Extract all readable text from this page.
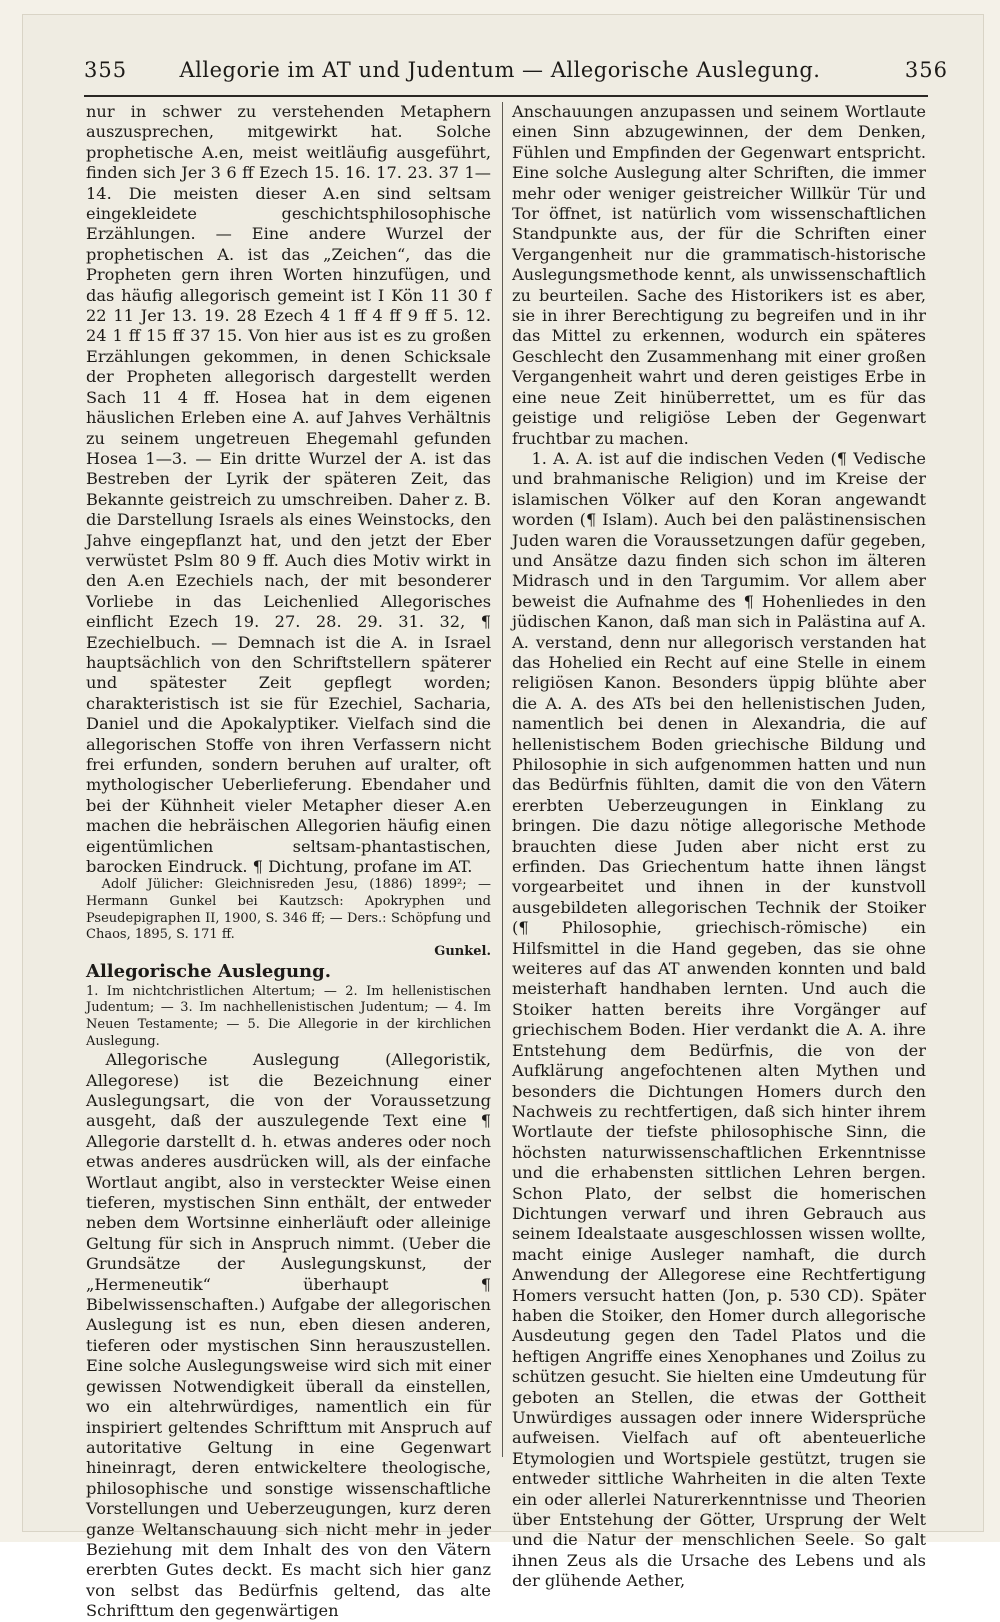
355	Allegorie im AT und Judentum — Allegorische Auslegung.	356

nur in schwer zu verstehenden Metaphern auszusprechen, mitgewirkt hat. Solche prophetische A.en, meist weitläufig ausgeführt, finden sich Jer 3 6 ff Ezech 15. 16. 17. 23. 37 1—14. Die meisten dieser A.en sind seltsam eingekleidete geschichtsphilosophische Erzählungen. — Eine andere Wurzel der prophetischen A. ist das „Zeichen“, das die Propheten gern ihren Worten hinzufügen, und das häufig allegorisch gemeint ist I Kön 11 30 f 22 11 Jer 13. 19. 28 Ezech 4 1 ff 4 ff 9 ff 5. 12. 24 1 ff 15 ff 37 15. Von hier aus ist es zu großen Erzählungen gekommen, in denen Schicksale der Propheten allegorisch dargestellt werden Sach 11 4 ff. Hosea hat in dem eigenen häuslichen Erleben eine A. auf Jahves Verhältnis zu seinem ungetreuen Ehegemahl gefunden Hosea 1—3. — Ein dritte Wurzel der A. ist das Bestreben der Lyrik der späteren Zeit, das Bekannte geistreich zu umschreiben. Daher z. B. die Darstellung Israels als eines Weinstocks, den Jahve eingepflanzt hat, und den jetzt der Eber verwüstet Pslm 80 9 ff. Auch dies Motiv wirkt in den A.en Ezechiels nach, der mit besonderer Vorliebe in das Leichenlied Allegorisches einflicht Ezech 19. 27. 28. 29. 31. 32, ¶ Ezechielbuch. — Demnach ist die A. in Israel hauptsächlich von den Schriftstellern späterer und spätester Zeit gepflegt worden; charakteristisch ist sie für Ezechiel, Sacharia, Daniel und die Apokalyptiker. Vielfach sind die allegorischen Stoffe von ihren Verfassern nicht frei erfunden, sondern beruhen auf uralter, oft mythologischer Ueberlieferung. Ebendaher und bei der Kühnheit vieler Metapher dieser A.en machen die hebräischen Allegorien häufig einen eigentümlichen seltsam-phantastischen, barocken Eindruck. ¶ Dichtung, profane im AT.

Adolf Jülicher: Gleichnisreden Jesu, (1886) 1899²; — Hermann Gunkel bei Kautzsch: Apokryphen und Pseudepigraphen II, 1900, S. 346 ff; — Ders.: Schöpfung und Chaos, 1895, S. 171 ff.

Gunkel.

Allegorische Auslegung.

1. Im nichtchristlichen Altertum; — 2. Im hellenistischen Judentum; — 3. Im nachhellenistischen Judentum; — 4. Im Neuen Testamente; — 5. Die Allegorie in der kirchlichen Auslegung.

Allegorische Auslegung (Allegoristik, Allegorese) ist die Bezeichnung einer Auslegungsart, die von der Voraussetzung ausgeht, daß der auszulegende Text eine ¶ Allegorie darstellt d. h. etwas anderes oder noch etwas anderes ausdrücken will, als der einfache Wortlaut angibt, also in versteckter Weise einen tieferen, mystischen Sinn enthält, der entweder neben dem Wortsinne einherläuft oder alleinige Geltung für sich in Anspruch nimmt. (Ueber die Grundsätze der Auslegungskunst, der „Hermeneutik“ überhaupt ¶ Bibelwissenschaften.) Aufgabe der allegorischen Auslegung ist es nun, eben diesen anderen, tieferen oder mystischen Sinn herauszustellen. Eine solche Auslegungsweise wird sich mit einer gewissen Notwendigkeit überall da einstellen, wo ein altehrwürdiges, namentlich ein für inspiriert geltendes Schrifttum mit Anspruch auf autoritative Geltung in eine Gegenwart hineinragt, deren entwickeltere theologische, philosophische und sonstige wissenschaftliche Vorstellungen und Ueberzeugungen, kurz deren ganze Weltanschauung sich nicht mehr in jeder Beziehung mit dem Inhalt des von den Vätern ererbten Gutes deckt. Es macht sich hier ganz von selbst das Bedürfnis geltend, das alte Schrifttum den gegenwärtigen

Anschauungen anzupassen und seinem Wortlaute einen Sinn abzugewinnen, der dem Denken, Fühlen und Empfinden der Gegenwart entspricht. Eine solche Auslegung alter Schriften, die immer mehr oder weniger geistreicher Willkür Tür und Tor öffnet, ist natürlich vom wissenschaftlichen Standpunkte aus, der für die Schriften einer Vergangenheit nur die grammatisch-historische Auslegungsmethode kennt, als unwissenschaftlich zu beurteilen. Sache des Historikers ist es aber, sie in ihrer Berechtigung zu begreifen und in ihr das Mittel zu erkennen, wodurch ein späteres Geschlecht den Zusammenhang mit einer großen Vergangenheit wahrt und deren geistiges Erbe in eine neue Zeit hinüberrettet, um es für das geistige und religiöse Leben der Gegenwart fruchtbar zu machen.

1. A. A. ist auf die indischen Veden (¶ Vedische und brahmanische Religion) und im Kreise der islamischen Völker auf den Koran angewandt worden (¶ Islam). Auch bei den palästinensischen Juden waren die Voraussetzungen dafür gegeben, und Ansätze dazu finden sich schon im älteren Midrasch und in den Targumim. Vor allem aber beweist die Aufnahme des ¶ Hohenliedes in den jüdischen Kanon, daß man sich in Palästina auf A. A. verstand, denn nur allegorisch verstanden hat das Hohelied ein Recht auf eine Stelle in einem religiösen Kanon. Besonders üppig blühte aber die A. A. des ATs bei den hellenistischen Juden, namentlich bei denen in Alexandria, die auf hellenistischem Boden griechische Bildung und Philosophie in sich aufgenommen hatten und nun das Bedürfnis fühlten, damit die von den Vätern ererbten Ueberzeugungen in Einklang zu bringen. Die dazu nötige allegorische Methode brauchten diese Juden aber nicht erst zu erfinden. Das Griechentum hatte ihnen längst vorgearbeitet und ihnen in der kunstvoll ausgebildeten allegorischen Technik der Stoiker (¶ Philosophie, griechisch-römische) ein Hilfsmittel in die Hand gegeben, das sie ohne weiteres auf das AT anwenden konnten und bald meisterhaft handhaben lernten. Und auch die Stoiker hatten bereits ihre Vorgänger auf griechischem Boden. Hier verdankt die A. A. ihre Entstehung dem Bedürfnis, die von der Aufklärung angefochtenen alten Mythen und besonders die Dichtungen Homers durch den Nachweis zu rechtfertigen, daß sich hinter ihrem Wortlaute der tiefste philosophische Sinn, die höchsten naturwissenschaftlichen Erkenntnisse und die erhabensten sittlichen Lehren bergen. Schon Plato, der selbst die homerischen Dichtungen verwarf und ihren Gebrauch aus seinem Idealstaate ausgeschlossen wissen wollte, macht einige Ausleger namhaft, die durch Anwendung der Allegorese eine Rechtfertigung Homers versucht hatten (Jon, p. 530 CD). Später haben die Stoiker, den Homer durch allegorische Ausdeutung gegen den Tadel Platos und die heftigen Angriffe eines Xenophanes und Zoilus zu schützen gesucht. Sie hielten eine Umdeutung für geboten an Stellen, die etwas der Gottheit Unwürdiges aussagen oder innere Widersprüche aufweisen. Vielfach auf oft abenteuerliche Etymologien und Wortspiele gestützt, trugen sie entweder sittliche Wahrheiten in die alten Texte ein oder allerlei Naturerkenntnisse und Theorien über Entstehung der Götter, Ursprung der Welt und die Natur der menschlichen Seele. So galt ihnen Zeus als die Ursache des Lebens und als der glühende Aether,
